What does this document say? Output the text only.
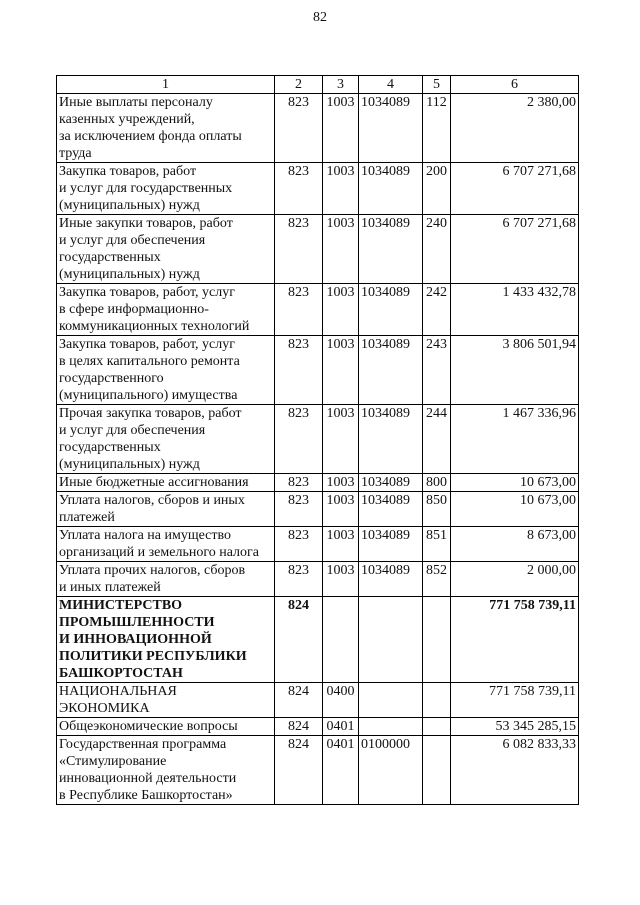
82
1	2	3	4	5	6

Иные выплаты персоналу
казенных учреждений,
за исключением фонда оплаты
труда	823	1003	1034089	112	2 380,00

Закупка товаров, работ
и услуг для государственных
(муниципальных) нужд	823	1003	1034089	200	6 707 271,68

Иные закупки товаров, работ
и услуг для обеспечения
государственных
(муниципальных) нужд	823	1003	1034089	240	6 707 271,68

Закупка товаров, работ, услуг
в сфере информационно-
коммуникационных технологий	823	1003	1034089	242	1 433 432,78

Закупка товаров, работ, услуг
в целях капитального ремонта
государственного
(муниципального) имущества	823	1003	1034089	243	3 806 501,94

Прочая закупка товаров, работ
и услуг для обеспечения
государственных
(муниципальных) нужд	823	1003	1034089	244	1 467 336,96

Иные бюджетные ассигнования	823	1003	1034089	800	10 673,00

Уплата налогов, сборов и иных
платежей	823	1003	1034089	850	10 673,00

Уплата налога на имущество
организаций и земельного налога	823	1003	1034089	851	8 673,00

Уплата прочих налогов, сборов
и иных платежей	823	1003	1034089	852	2 000,00

МИНИСТЕРСТВО
ПРОМЫШЛЕННОСТИ
И ИННОВАЦИОННОЙ
ПОЛИТИКИ РЕСПУБЛИКИ
БАШКОРТОСТАН	824				771 758 739,11

НАЦИОНАЛЬНАЯ
ЭКОНОМИКА	824	0400			771 758 739,11

Общеэкономические вопросы	824	0401			53 345 285,15

Государственная программа
«Стимулирование
инновационной деятельности
в Республике Башкортостан»	824	0401	0100000		6 082 833,33
